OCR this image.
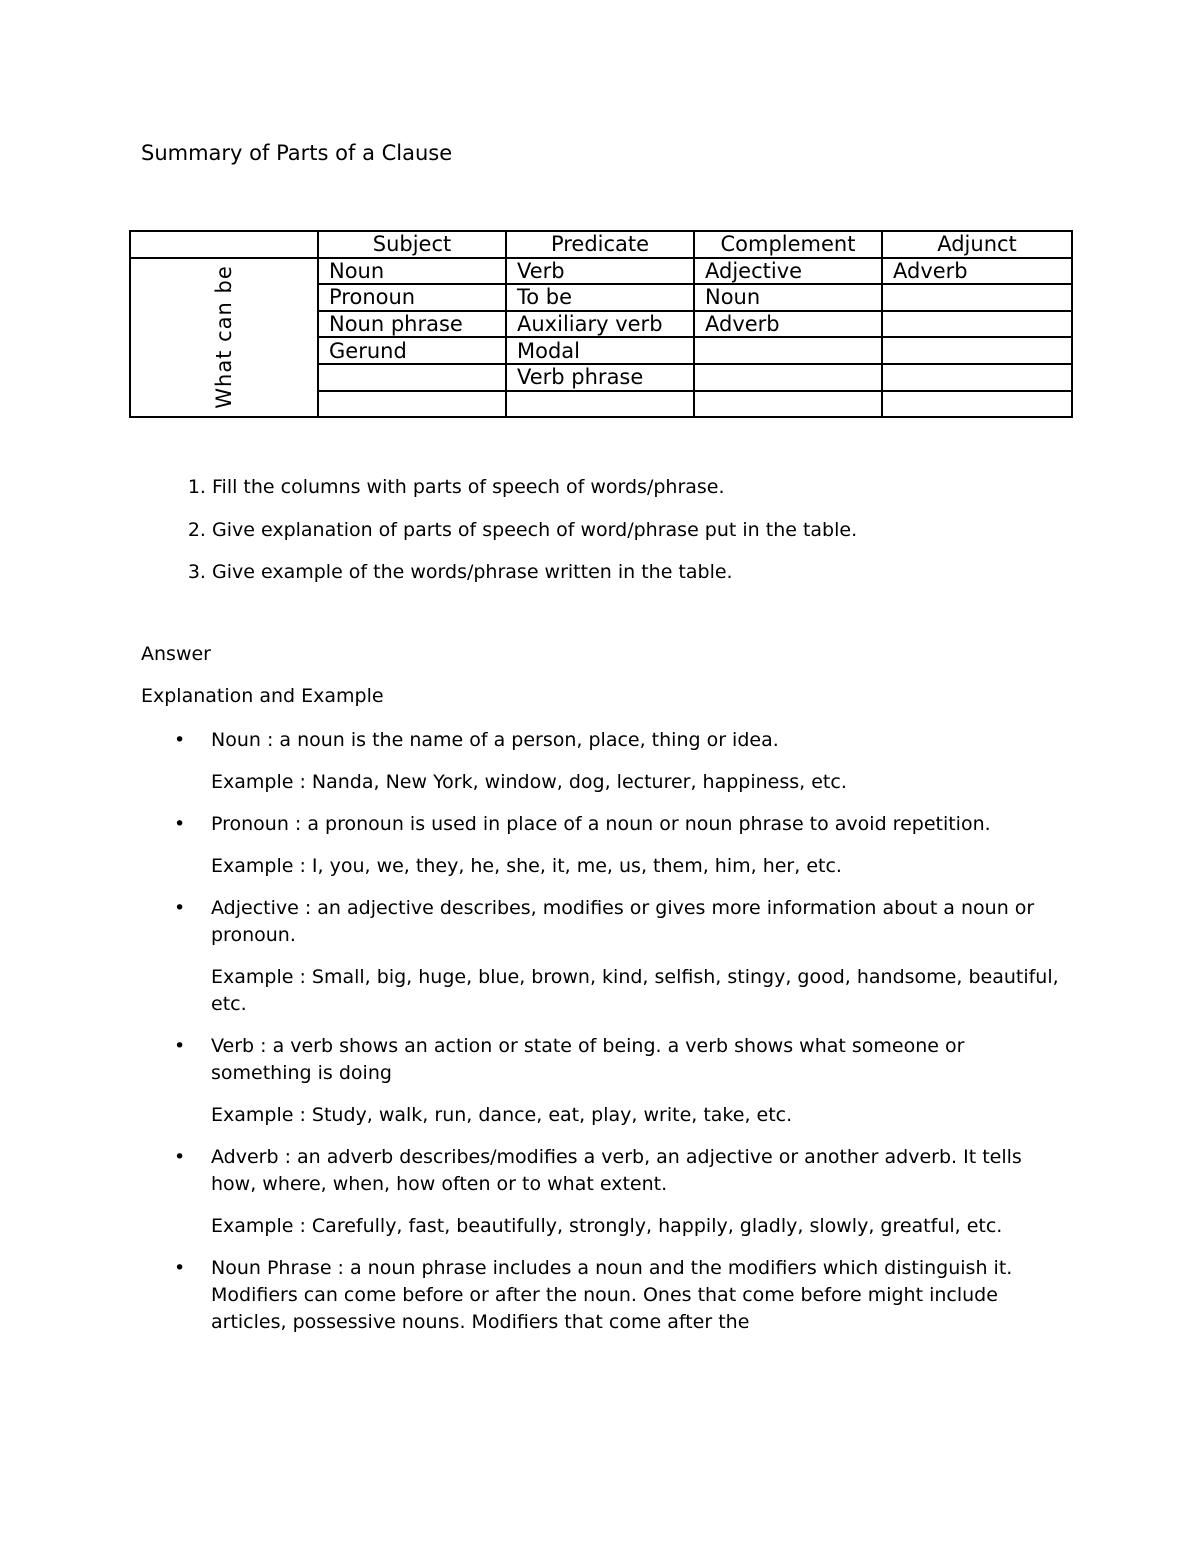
Summary of Parts of a Clause
	Subject	Predicate	Complement	Adjunct

What can be	Noun	Verb	Adjective	Adverb
	Pronoun	To be	Noun	
	Noun phrase	Auxiliary verb	Adverb	
	Gerund	Modal		
		Verb phrase		

1. Fill the columns with parts of speech of words/phrase.
2. Give explanation of parts of speech of word/phrase put in the table.
3. Give example of the words/phrase written in the table.

Answer

Explanation and Example

• Noun : a noun is the name of a person, place, thing or idea.

Example : Nanda, New York, window, dog, lecturer, happiness, etc.

• Pronoun : a pronoun is used in place of a noun or noun phrase to avoid repetition.

Example : I, you, we, they, he, she, it, me, us, them, him, her, etc.

• Adjective : an adjective describes, modifies or gives more information about a noun or pronoun.

Example : Small, big, huge, blue, brown, kind, selfish, stingy, good, handsome, beautiful, etc.

• Verb : a verb shows an action or state of being. a verb shows what someone or something is doing

Example : Study, walk, run, dance, eat, play, write, take, etc.

• Adverb : an adverb describes/modifies a verb, an adjective or another adverb. It tells how, where, when, how often or to what extent.

Example : Carefully, fast, beautifully, strongly, happily, gladly, slowly, greatful, etc.

• Noun Phrase : a noun phrase includes a noun and the modifiers which distinguish it. Modifiers can come before or after the noun. Ones that come before might include articles, possessive nouns. Modifiers that come after the
